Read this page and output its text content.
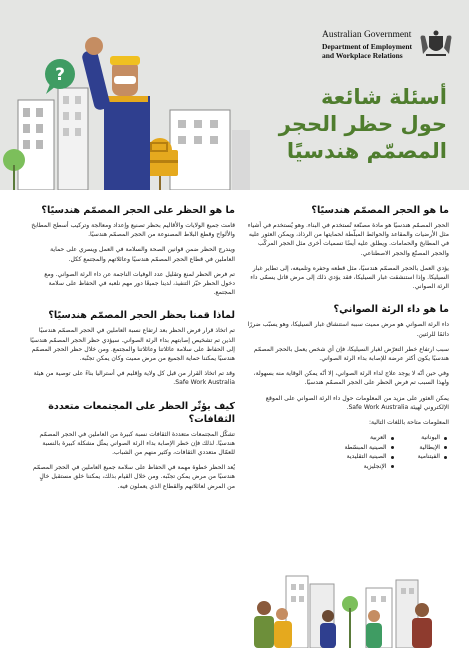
?
Australian Government
Department of Employment
and Workplace Relations
أسئلة شائعة
حول حظر الحجر
المصمّم هندسيًا
ما هو الحجر المصمّم هندسيًا؟

الحجر المصمّم هندسيًا هو مادة مصنّعة تُستخدم في البناء. وهو يُستخدم في أشياء مثل الأرضيات والمقاعد والحوائط المبلّطة لحمايتها من الرذاذ، ويمكن العثور عليه في المطابخ والحمامات. ويطلق عليه أيضًا تسميات أخرى مثل الحجر المركّب والحجر المصنّع والحجر الاصطناعي.

يؤدي العمل بالحجر المصمّم هندسيًا، مثل قطعه وحفره وتلميعه، إلى تطاير غبار السيليكا. وإذا استنشقت غبار السيليكا، فقد يؤدي ذلك إلى مرض قاتل يسمّى داء الرئة الصواني.

ما هو داء الرئة الصواني؟

داء الرئة الصواني هو مرض مميت سببه استنشاق غبار السيليكا، وهو يسبّب ضررًا دائمًا للرئتين.

سبب ارتفاع خطر التعرّض لغبار السيليكا، فإن أي شخص يعمل بالحجر المصمّم هندسيًا يكون أكثر عرضة للإصابة بداء الرئة الصواني.

وفي حين أنّه لا يوجد علاج لداء الرئة الصواني، إلا أنّه يمكن الوقاية منه بسهولة، ولهذا السبب تم فرض الحظر على الحجر المصمّم هندسيًا.

يمكن العثور على مزيد من المعلومات حول داء الرئة الصواني على الموقع الإلكتروني لهيئة Safe Work Australia.

المعلومات متاحة باللغات التالية:

اليونانية
الإيطالية
الفيتنامية
العربية
الصينية المبسّطة
الصينية التقليدية
الإنجليزية
ما هو الحظر على الحجر المصمّم هندسيًا؟

قامت جميع الولايات والأقاليم بحظر تصنيع وإعداد ومعالجة وتركيب أسطح المطابخ والألواح وقطع البلاط المصنوعة من الحجر المصمّم هندسيًا.

ويندرج الحظر ضمن قوانين الصحة والسلامة في العمل ويسري على حماية العاملين في قطاع الحجر المصمّم هندسيًا وعائلاتهم والمجتمع ككل.

تم فرض الحظر لمنع وتقليل عدد الوفيات الناجمة عن داء الرئة الصواني. ومع دخول الحظر حيّز التنفيذ، لدينا جميعًا دور مهم نلعبه في الحفاظ على سلامة المجتمع.

لماذا قمنا بحظر الحجر المصمّم هندسيًا؟

تم اتخاذ قرار فرض الحظر بعد ارتفاع نسبة العاملين في الحجر المصمّم هندسيًا الذين تم تشخيص إصابتهم بداء الرئة الصواني. سيؤدي حظر الحجر المصمّم هندسيًا إلى الحفاظ على سلامة عائلاتنا وعائلاتنا والمجتمع. ومن خلال حظر الحجر المصمّم هندسيًا يمكننا حماية الجميع من مرض مميت وكان يمكن تجنّبه.

وقد تم اتخاذ القرار من قبل كل ولاية وإقليم في أستراليا بناءً على توصية من هيئة Safe Work Australia.

كيف يؤثّر الحظر على المجتمعات متعددة الثقافات؟

تشكّل المجتمعات متعددة الثقافات نسبة كبيرة من العاملين في الحجر المصمّم هندسيًا. لذلك فإن خطر الإصابة بداء الرئة الصواني يمثّل مشكلة كبيرة بالنسبة للعمّال متعددي الثقافات، وكثير منهم من الشباب.

يُعد الحظر خطوة مهمة في الحفاظ على سلامة جميع العاملين في الحجر المصمّم هندسيًا من مرض يمكن تجنّبه. ومن خلال القيام بذلك، يمكننا خلق مستقبل خالٍ من المرض لعائلاتهم والقطاع الذي يعملون فيه.
